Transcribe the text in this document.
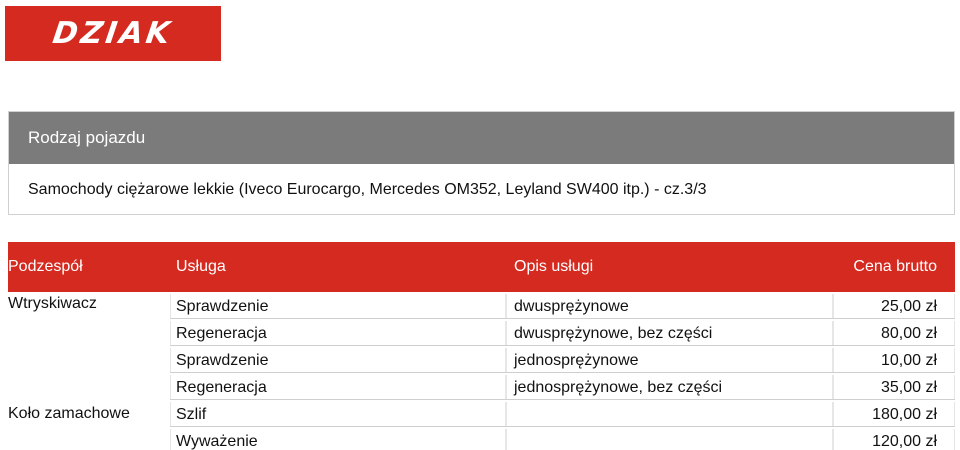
DZIAK
Rodzaj pojazdu
Samochody ciężarowe lekkie (Iveco Eurocargo, Mercedes OM352, Leyland SW400 itp.) - cz.3/3
Podzespół	Usługa	Opis usługi	Cena brutto
Wtryskiwacz	Sprawdzenie	dwusprężynowe	25,00 zł
	Regeneracja	dwusprężynowe, bez części	80,00 zł
	Sprawdzenie	jednosprężynowe	10,00 zł
	Regeneracja	jednosprężynowe, bez części	35,00 zł
Koło zamachowe	Szlif		180,00 zł
	Wyważenie		120,00 zł
